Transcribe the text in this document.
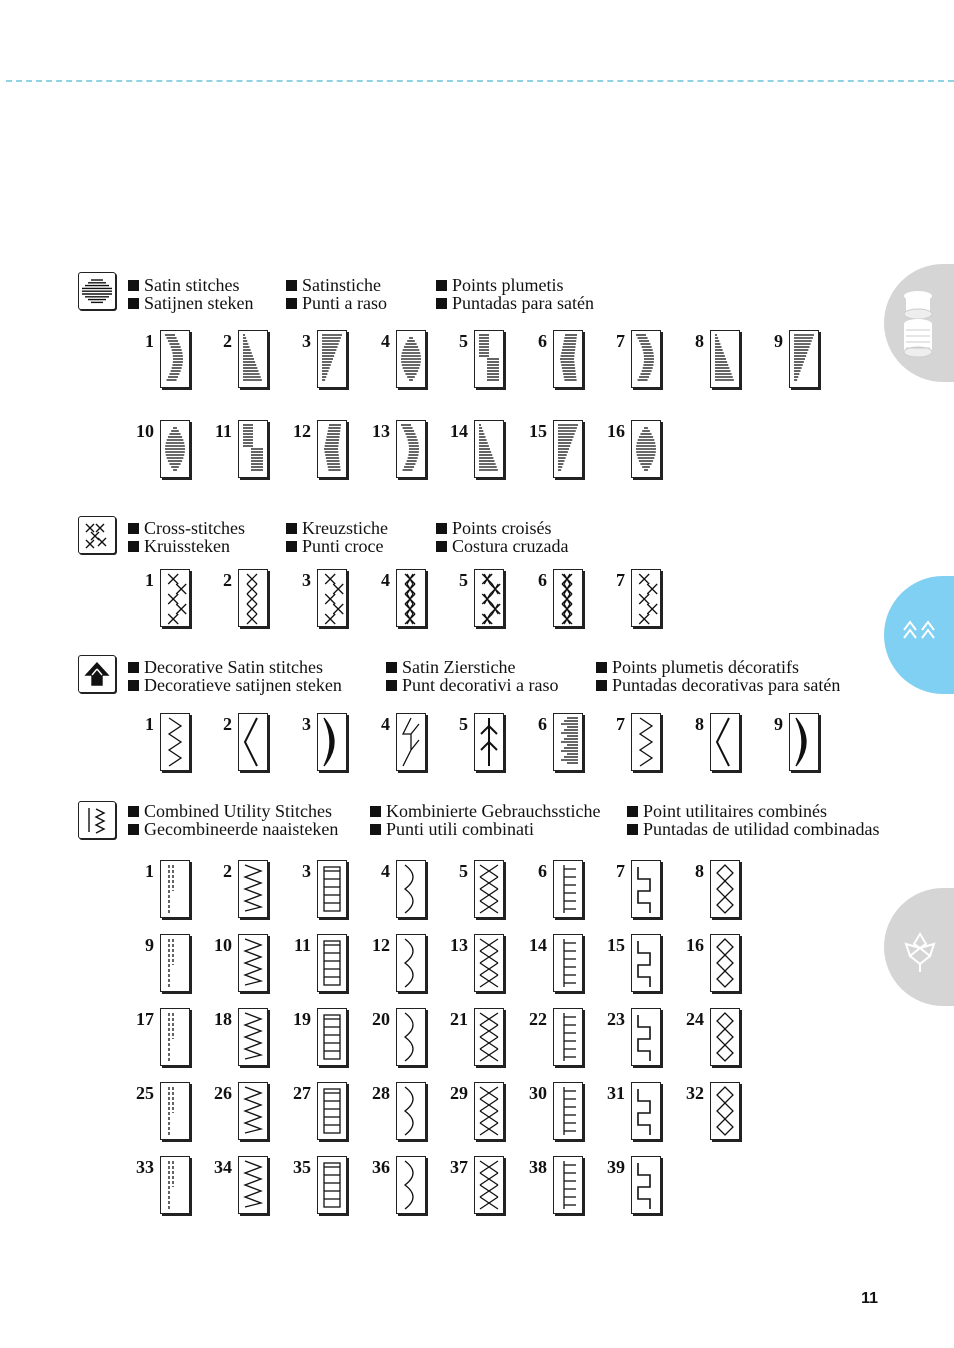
Satin stitches
Satijnen steken
Satinstiche
Punti a raso
Points plumetis
Puntadas para satén
1	2	3	4	5	6	7	8	9
10	11	12	13	14	15	16
Cross-stitches
Kruissteken
Kreuzstiche
Punti croce
Points croisés
Costura cruzada
1	2	3	4	5	6	7
Decorative Satin stitches
Decoratieve satijnen steken
Satin Zierstiche
Punt decorativi a raso
Points plumetis décoratifs
Puntadas decorativas para satén
1	2	3	4	5	6	7	8	9
Combined Utility Stitches
Gecombineerde naaisteken
Kombinierte Gebrauchsstiche
Punti utili combinati
Point utilitaires combinés
Puntadas de utilidad combinadas
1	2	3	4	5	6	7	8
9	10	11	12	13	14	15	16
17	18	19	20	21	22	23	24
25	26	27	28	29	30	31	32
33	34	35	36	37	38	39
11
